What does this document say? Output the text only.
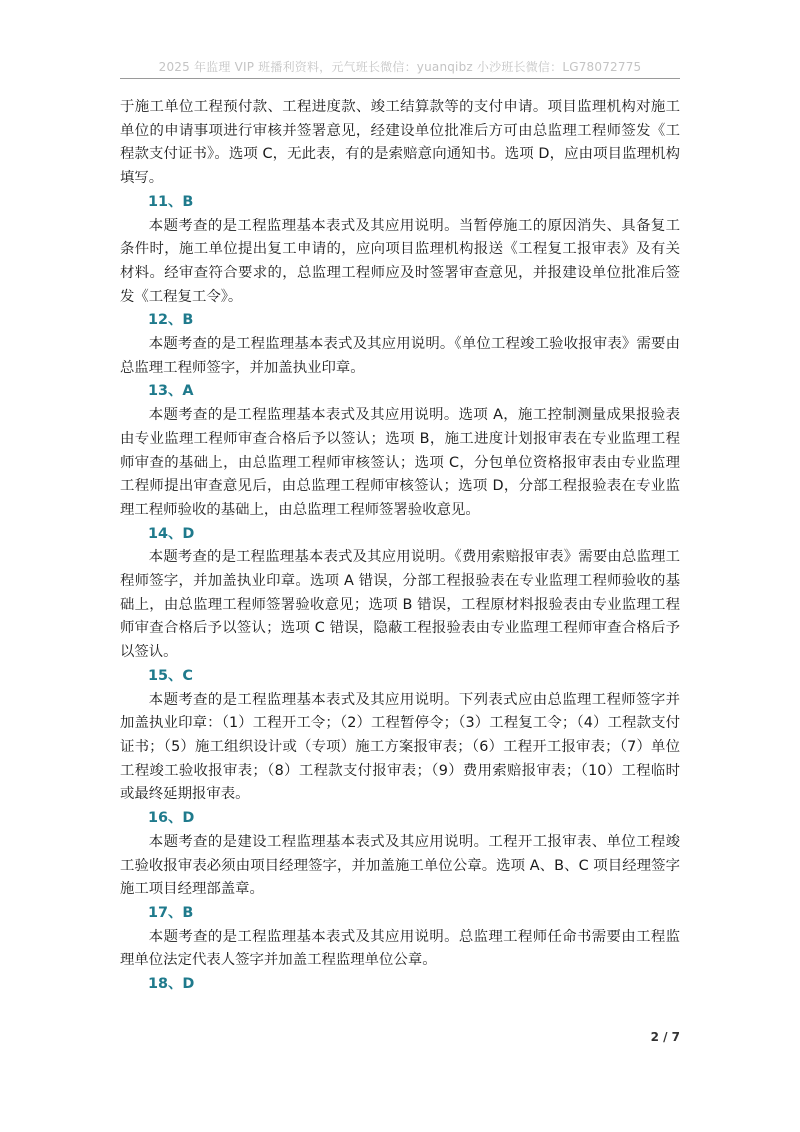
2025 年监理 VIP 班播利资料，元气班长微信：yuanqibz 小沙班长微信：LG78072775

于施工单位工程预付款、工程进度款、竣工结算款等的支付申请。项目监理机构对施工单位的申请事项进行审核并签署意见，经建设单位批准后方可由总监理工程师签发《工程款支付证书》。选项 C，无此表，有的是索赔意向通知书。选项 D，应由项目监理机构填写。

11、B

本题考查的是工程监理基本表式及其应用说明。当暂停施工的原因消失、具备复工条件时，施工单位提出复工申请的，应向项目监理机构报送《工程复工报审表》及有关材料。经审查符合要求的，总监理工程师应及时签署审查意见，并报建设单位批准后签发《工程复工令》。

12、B

本题考查的是工程监理基本表式及其应用说明。《单位工程竣工验收报审表》需要由总监理工程师签字，并加盖执业印章。

13、A

本题考查的是工程监理基本表式及其应用说明。选项 A，施工控制测量成果报验表由专业监理工程师审查合格后予以签认；选项 B，施工进度计划报审表在专业监理工程师审查的基础上，由总监理工程师审核签认；选项 C，分包单位资格报审表由专业监理工程师提出审查意见后，由总监理工程师审核签认；选项 D，分部工程报验表在专业监理工程师验收的基础上，由总监理工程师签署验收意见。

14、D

本题考查的是工程监理基本表式及其应用说明。《费用索赔报审表》需要由总监理工程师签字，并加盖执业印章。选项 A 错误，分部工程报验表在专业监理工程师验收的基础上，由总监理工程师签署验收意见；选项 B 错误，工程原材料报验表由专业监理工程师审查合格后予以签认；选项 C 错误，隐蔽工程报验表由专业监理工程师审查合格后予以签认。

15、C

本题考查的是工程监理基本表式及其应用说明。下列表式应由总监理工程师签字并加盖执业印章：（1）工程开工令；（2）工程暂停令；（3）工程复工令；（4）工程款支付证书；（5）施工组织设计或（专项）施工方案报审表；（6）工程开工报审表；（7）单位工程竣工验收报审表；（8）工程款支付报审表；（9）费用索赔报审表；（10）工程临时或最终延期报审表。

16、D

本题考查的是建设工程监理基本表式及其应用说明。工程开工报审表、单位工程竣工验收报审表必须由项目经理签字，并加盖施工单位公章。选项 A、B、C 项目经理签字施工项目经理部盖章。

17、B

本题考查的是工程监理基本表式及其应用说明。总监理工程师任命书需要由工程监理单位法定代表人签字并加盖工程监理单位公章。

18、D
2 / 7
